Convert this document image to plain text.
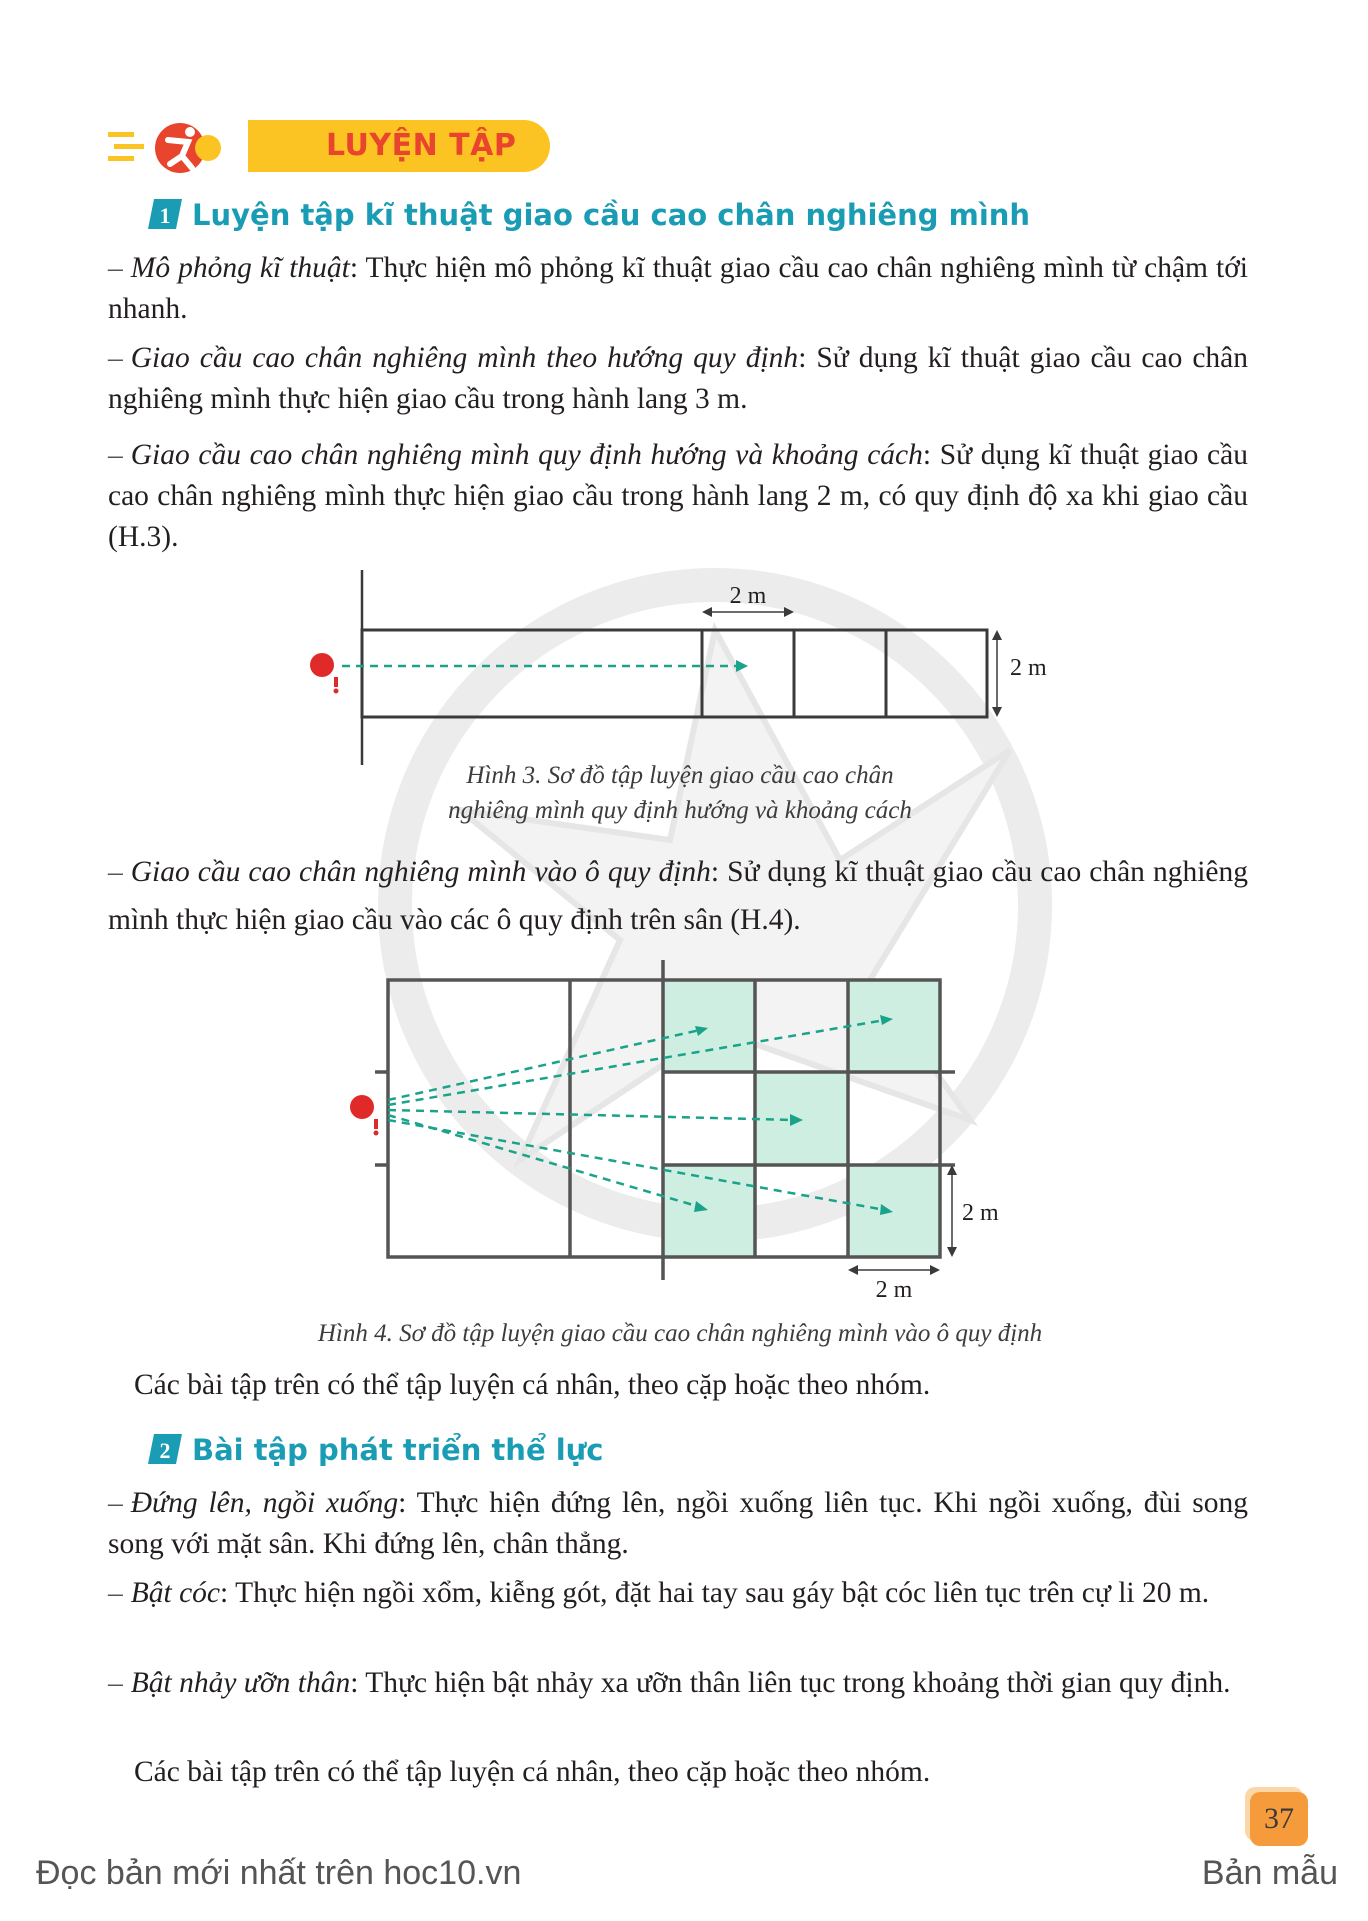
LUYỆN TẬP
1 Luyện tập kĩ thuật giao cầu cao chân nghiêng mình
– Mô phỏng kĩ thuật: Thực hiện mô phỏng kĩ thuật giao cầu cao chân nghiêng mình từ chậm tới nhanh.
– Giao cầu cao chân nghiêng mình theo hướng quy định: Sử dụng kĩ thuật giao cầu cao chân nghiêng mình thực hiện giao cầu trong hành lang 3 m.
– Giao cầu cao chân nghiêng mình quy định hướng và khoảng cách: Sử dụng kĩ thuật giao cầu cao chân nghiêng mình thực hiện giao cầu trong hành lang 2 m, có quy định độ xa khi giao cầu (H.3).
2 m
2 m
Hình 3. Sơ đồ tập luyện giao cầu cao chân
nghiêng mình quy định hướng và khoảng cách
– Giao cầu cao chân nghiêng mình vào ô quy định: Sử dụng kĩ thuật giao cầu cao chân nghiêng mình thực hiện giao cầu vào các ô quy định trên sân (H.4).
2 m
2 m
Hình 4. Sơ đồ tập luyện giao cầu cao chân nghiêng mình vào ô quy định
Các bài tập trên có thể tập luyện cá nhân, theo cặp hoặc theo nhóm.
2 Bài tập phát triển thể lực
– Đứng lên, ngồi xuống: Thực hiện đứng lên, ngồi xuống liên tục. Khi ngồi xuống, đùi song song với mặt sân. Khi đứng lên, chân thẳng.
– Bật cóc: Thực hiện ngồi xổm, kiễng gót, đặt hai tay sau gáy bật cóc liên tục trên cự li 20 m.
– Bật nhảy ưỡn thân: Thực hiện bật nhảy xa ưỡn thân liên tục trong khoảng thời gian quy định.
Các bài tập trên có thể tập luyện cá nhân, theo cặp hoặc theo nhóm.
37
Đọc bản mới nhất trên hoc10.vn	Bản mẫu
